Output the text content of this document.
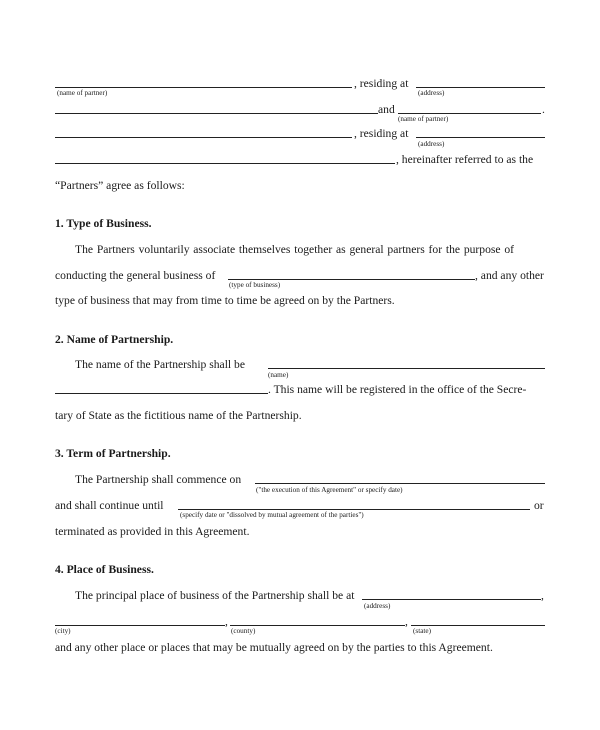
, residing at
(name of partner)	(address)
and	.
(name of partner)
, residing at
(address)
, hereinafter referred to as the
“Partners” agree as follows:
1. Type of Business.
The Partners voluntarily associate themselves together as general partners for the purpose of
conducting the general business of	, and any other
(type of business)
type of business that may from time to time be agreed on by the Partners.
2. Name of Partnership.
The name of the Partnership shall be
(name)
. This name will be registered in the office of the Secre-
tary of State as the fictitious name of the Partnership.
3. Term of Partnership.
The Partnership shall commence on
("the execution of this Agreement" or specify date)
and shall continue until	or
(specify date or "dissolved by mutual agreement of the parties")
terminated as provided in this Agreement.
4. Place of Business.
The principal place of business of the Partnership shall be at	,
(address)
,	,
(city)	(county)	(state)
and any other place or places that may be mutually agreed on by the parties to this Agreement.
